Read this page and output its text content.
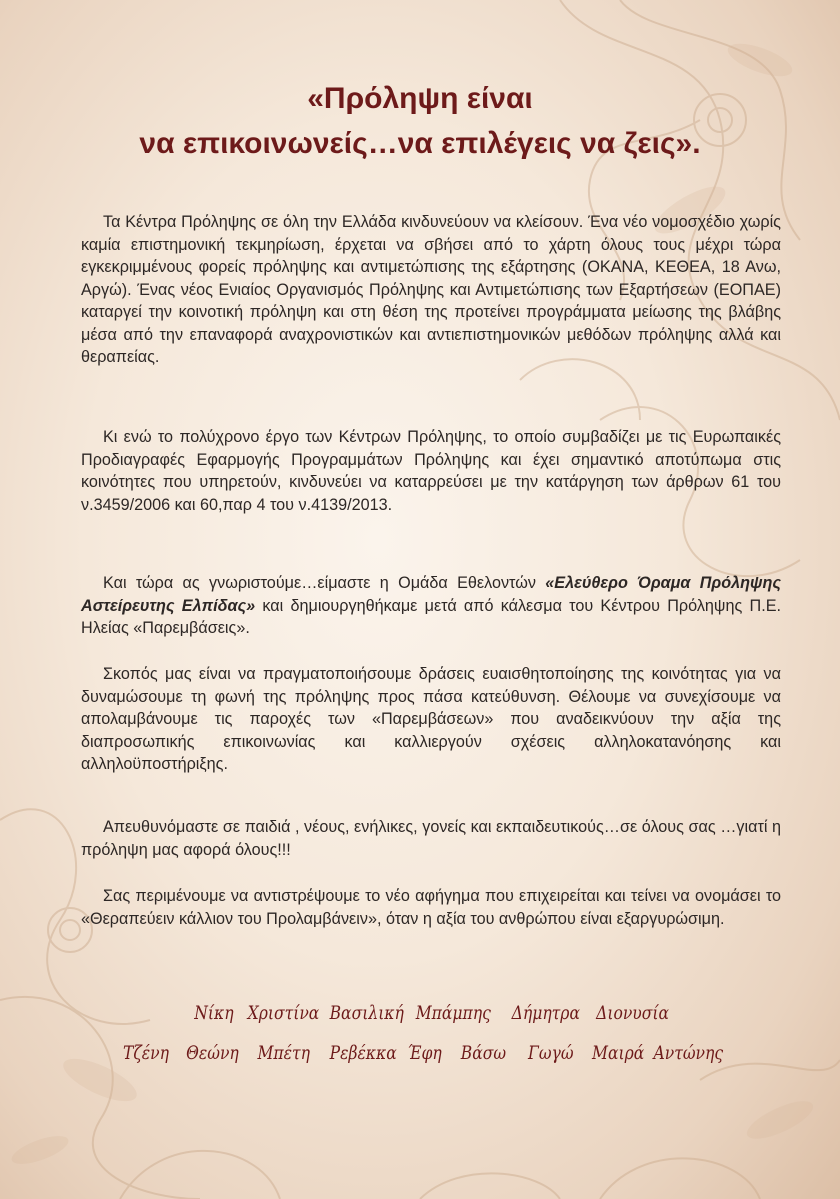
«Πρόληψη είναι
να επικοινωνείς…να επιλέγεις να ζεις».

Τα Κέντρα Πρόληψης σε όλη την Ελλάδα κινδυνεύουν να κλείσουν. Ένα νέο νομοσχέδιο χωρίς καμία επιστημονική τεκμηρίωση, έρχεται να σβήσει από το χάρτη όλους τους μέχρι τώρα εγκεκριμμένους φορείς πρόληψης και αντιμετώπισης της εξάρτησης (ΟΚΑΝΑ, ΚΕΘΕΑ, 18 Ανω, Αργώ). Ένας νέος Ενιαίος Οργανισμός Πρόληψης και Αντιμετώπισης των Εξαρτήσεων (ΕΟΠΑΕ) καταργεί την κοινοτική πρόληψη και στη θέση της προτείνει προγράμματα μείωσης της βλάβης μέσα από την επαναφορά αναχρονιστικών και αντιεπιστημονικών μεθόδων πρόληψης αλλά και θεραπείας.

Κι ενώ το πολύχρονο έργο των Κέντρων Πρόληψης, το οποίο συμβαδίζει με τις Ευρωπαικές Προδιαγραφές Εφαρμογής Προγραμμάτων Πρόληψης και έχει σημαντικό αποτύπωμα στις κοινότητες που υπηρετούν, κινδυνεύει να καταρρεύσει με την κατάργηση των άρθρων 61 του ν.3459/2006 και 60,παρ 4 του ν.4139/2013.

Και τώρα ας γνωριστούμε…είμαστε η Ομάδα Εθελοντών «Ελεύθερο Όραμα Πρόληψης Αστείρευτης Ελπίδας» και δημιουργηθήκαμε μετά από κάλεσμα του Κέντρου Πρόληψης Π.Ε. Ηλείας «Παρεμβάσεις».

Σκοπός μας είναι να πραγματοποιήσουμε δράσεις ευαισθητοποίησης της κοινότητας για να δυναμώσουμε τη φωνή της πρόληψης προς πάσα κατεύθυνση. Θέλουμε να συνεχίσουμε να απολαμβάνουμε τις παροχές των «Παρεμβάσεων» που αναδεικνύουν την αξία της διαπροσωπικής επικοινωνίας και καλλιεργούν σχέσεις αλληλοκατανόησης και αλληλοϋποστήριξης.

Απευθυνόμαστε σε παιδιά , νέους, ενήλικες, γονείς και εκπαιδευτικούς…σε όλους σας …γιατί η πρόληψη μας αφορά όλους!!!

Σας περιμένουμε να αντιστρέψουμε το νέο αφήγημα που επιχειρείται και τείνει να ονομάσει το «Θεραπεύειν κάλλιον του Προλαμβάνειν», όταν η αξία του ανθρώπου είναι εξαργυρώσιμη.

Νίκη Χριστίνα Βασιλική Μπάμπης Δήμητρα Διονυσία
Τζένη Θεώνη Μπέτη Ρεβέκκα Έφη Βάσω Γωγώ Μαιρά Αντώνης
